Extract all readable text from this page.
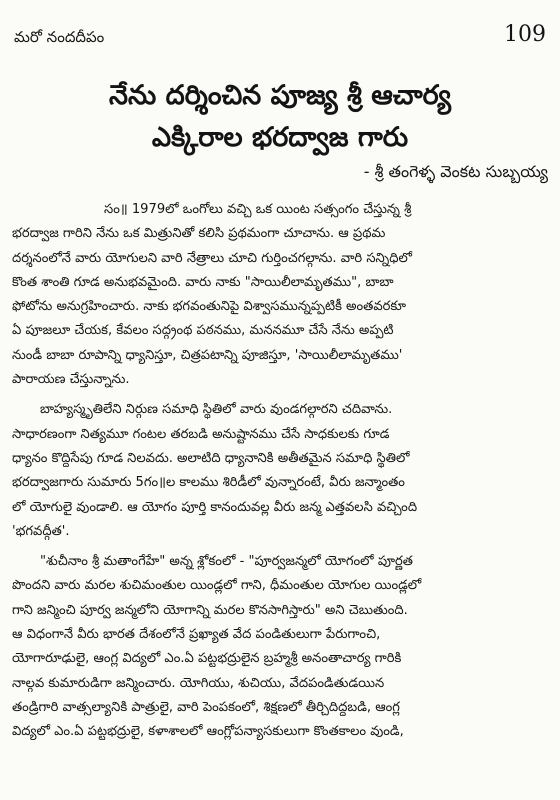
మరో నందదీపం	109
నేను దర్శించిన పూజ్య శ్రీ ఆచార్య
ఎక్కిరాల భరద్వాజ గారు
- శ్రీ తంగెళ్ళ వెంకట సుబ్బయ్య

సం॥ 1979లో ఒంగోలు వచ్చి ఒక యింట సత్సంగం చేస్తున్న శ్రీ
భరద్వాజ గారిని నేను ఒక మిత్రునితో కలిసి ప్రథమంగా చూచాను. ఆ ప్రథమ
దర్శనంలోనే వారు యోగులని వారి నేత్రాలు చూచి గుర్తించగల్గాను. వారి సన్నిధిలో
కొంత శాంతి గూడ అనుభవమైంది. వారు నాకు "సాయిలీలామృతము", బాబా
ఫోటోను అనుగ్రహించారు. నాకు భగవంతునిపై విశ్వాసమున్నప్పటికీ అంతవరకూ
ఏ పూజలూ చేయక, కేవలం సద్గ్రంథ పఠనము, మననమూ చేసే నేను అప్పటి
నుండీ బాబా రూపాన్ని ధ్యానిస్తూ, చిత్రపటాన్ని పూజిస్తూ, 'సాయిలీలామృతము'
పారాయణ చేస్తున్నాను.

బాహ్యస్మృతిలేని నిర్గుణ సమాధి స్థితిలో వారు వుండగల్గారని చదివాను.
సాధారణంగా నిత్యమూ గంటల తరబడి అనుష్టానము చేసే సాధకులకు గూడ
ధ్యానం కొద్దిసేపు గూడ నిలవదు. అలాటిది ధ్యానానికి అతీతమైన సమాధి స్థితిలో
భరద్వాజగారు సుమారు 5గం॥ల కాలము శిరిడీలో వున్నారంటే, వీరు జన్మాంతం
లో యోగులై వుండాలి. ఆ యోగం పూర్తి కానందువల్ల వీరు జన్మ ఎత్తవలసి వచ్చింది
'భగవద్గీత'.

"శుచీనాం శ్రీ మతాంగేహే" అన్న శ్లోకంలో - "పూర్వజన్మలో యోగంలో పూర్ణత
పొందని వారు మరల శుచిమంతుల యిండ్లలో గాని, ధీమంతుల యోగుల యిండ్లలో
గాని జన్మించి పూర్వ జన్మలోని యోగాన్ని మరల కొనసాగిస్తారు" అని చెబుతుంది.
ఆ విధంగానే వీరు భారత దేశంలోనే ప్రఖ్యాత వేద పండితులుగా పేరుగాంచి,
యోగారూఢులై, ఆంగ్ల విద్యలో ఎం.ఏ పట్టభద్రులైన బ్రహ్మశ్రీ అనంతాచార్య గారికి
నాల్గవ కుమారుడిగా జన్మించారు. యోగియు, శుచియు, వేదపండితుడయిన
తండ్రిగారి వాత్సల్యానికి పాత్రులై, వారి పెంపకంలో, శిక్షణలో తీర్చిదిద్దబడి, ఆంగ్ల
విద్యలో ఎం.ఏ పట్టభద్రులై, కళాశాలలో ఆంగ్లోపన్యాసకులుగా కొంతకాలం వుండి,
